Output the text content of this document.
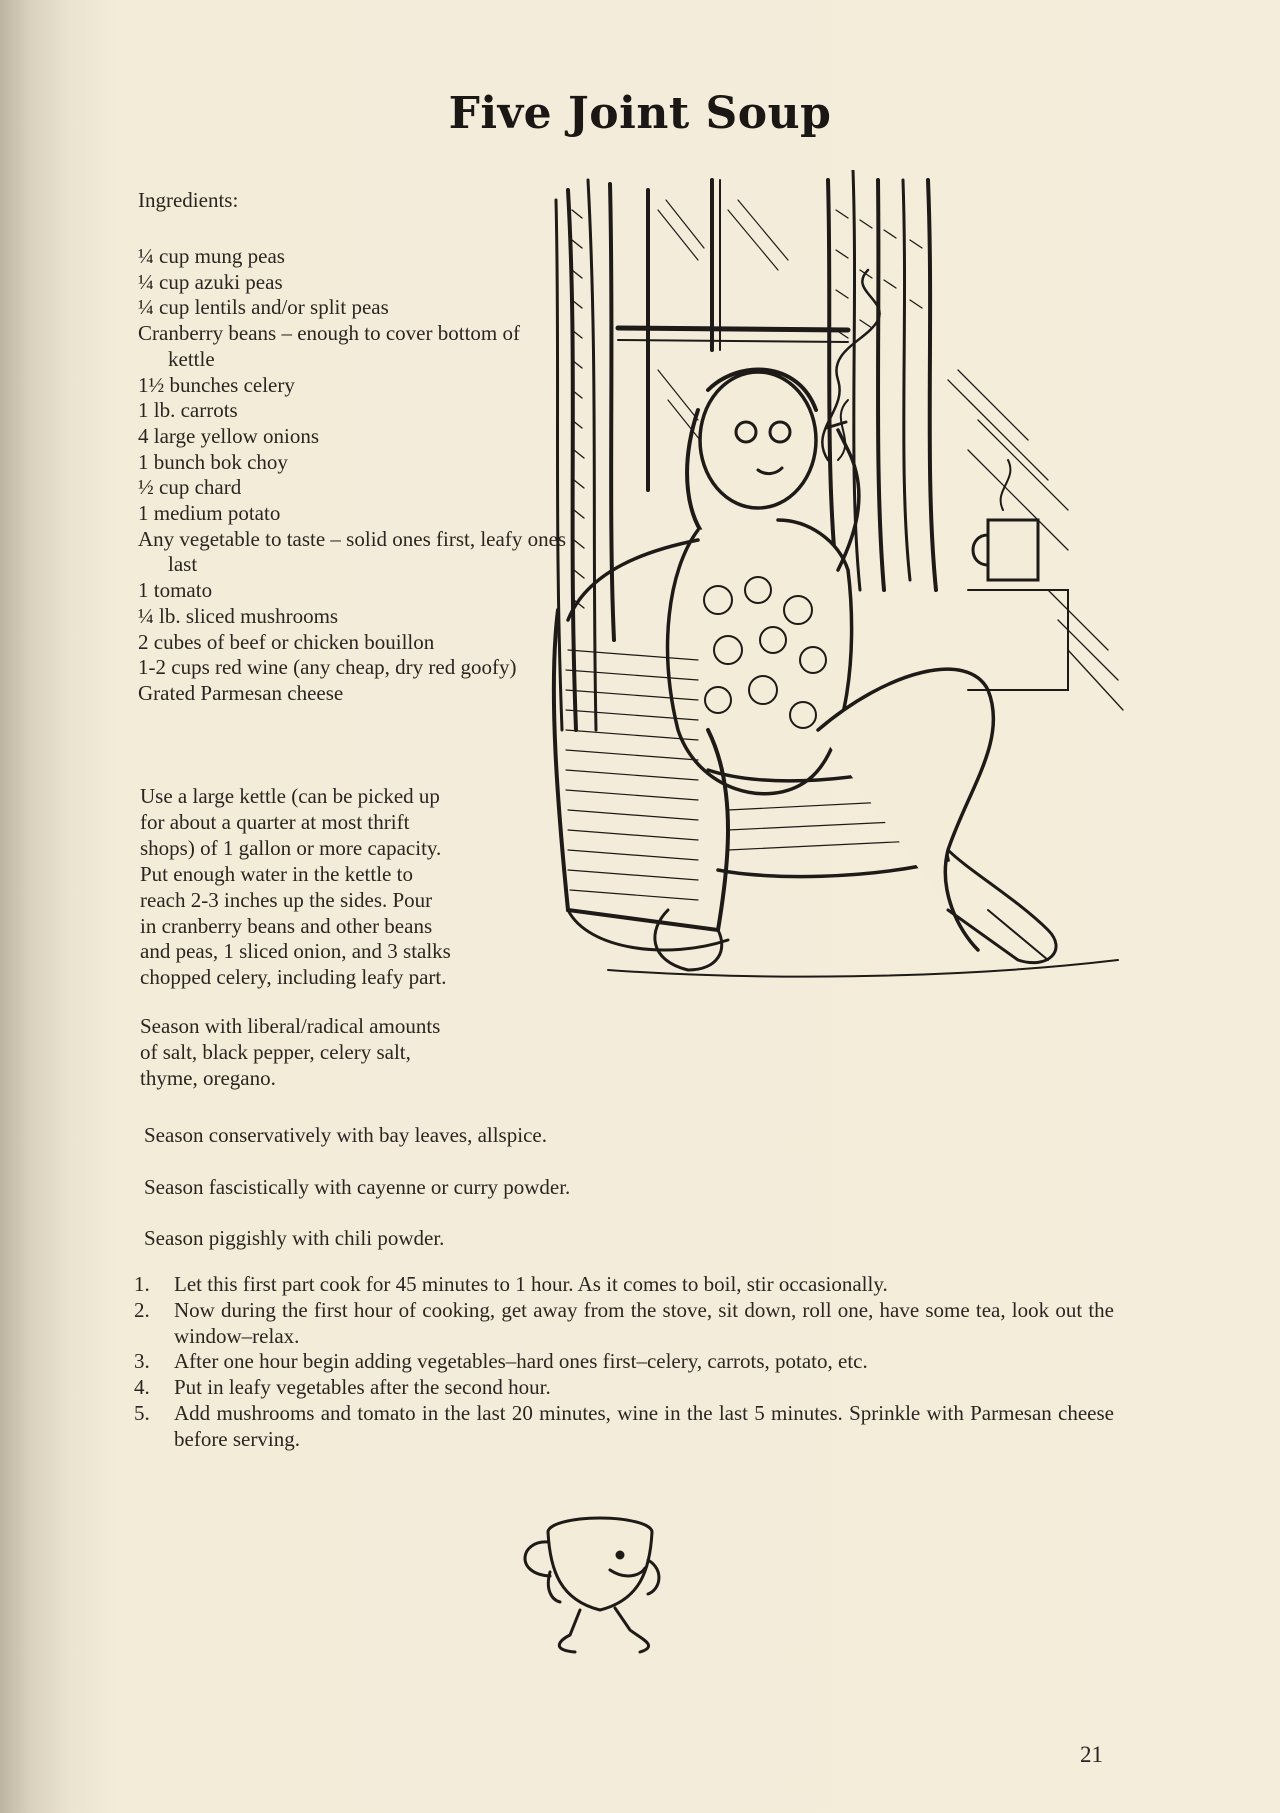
Five Joint Soup
Ingredients:
¼ cup mung peas
¼ cup azuki peas
¼ cup lentils and/or split peas
Cranberry beans – enough to cover bottom of kettle
1½ bunches celery
1 lb. carrots
4 large yellow onions
1 bunch bok choy
½ cup chard
1 medium potato
Any vegetable to taste – solid ones first, leafy ones last
1 tomato
¼ lb. sliced mushrooms
2 cubes of beef or chicken bouillon
1-2 cups red wine (any cheap, dry red goofy)
Grated Parmesan cheese

Use a large kettle (can be picked up
for about a quarter at most thrift
shops) of 1 gallon or more capacity.
Put enough water in the kettle to
reach 2-3 inches up the sides. Pour
in cranberry beans and other beans
and peas, 1 sliced onion, and 3 stalks
chopped celery, including leafy part.

Season with liberal/radical amounts
of salt, black pepper, celery salt,
thyme, oregano.

Season conservatively with bay leaves, allspice.

Season fascistically with cayenne or curry powder.

Season piggishly with chili powder.

1. Let this first part cook for 45 minutes to 1 hour. As it comes to boil, stir occasionally.
2. Now during the first hour of cooking, get away from the stove, sit down, roll one, have some tea, look out the window–relax.
3. After one hour begin adding vegetables–hard ones first–celery, carrots, potato, etc.
4. Put in leafy vegetables after the second hour.
5. Add mushrooms and tomato in the last 20 minutes, wine in the last 5 minutes. Sprinkle with Parmesan cheese before serving.
21
